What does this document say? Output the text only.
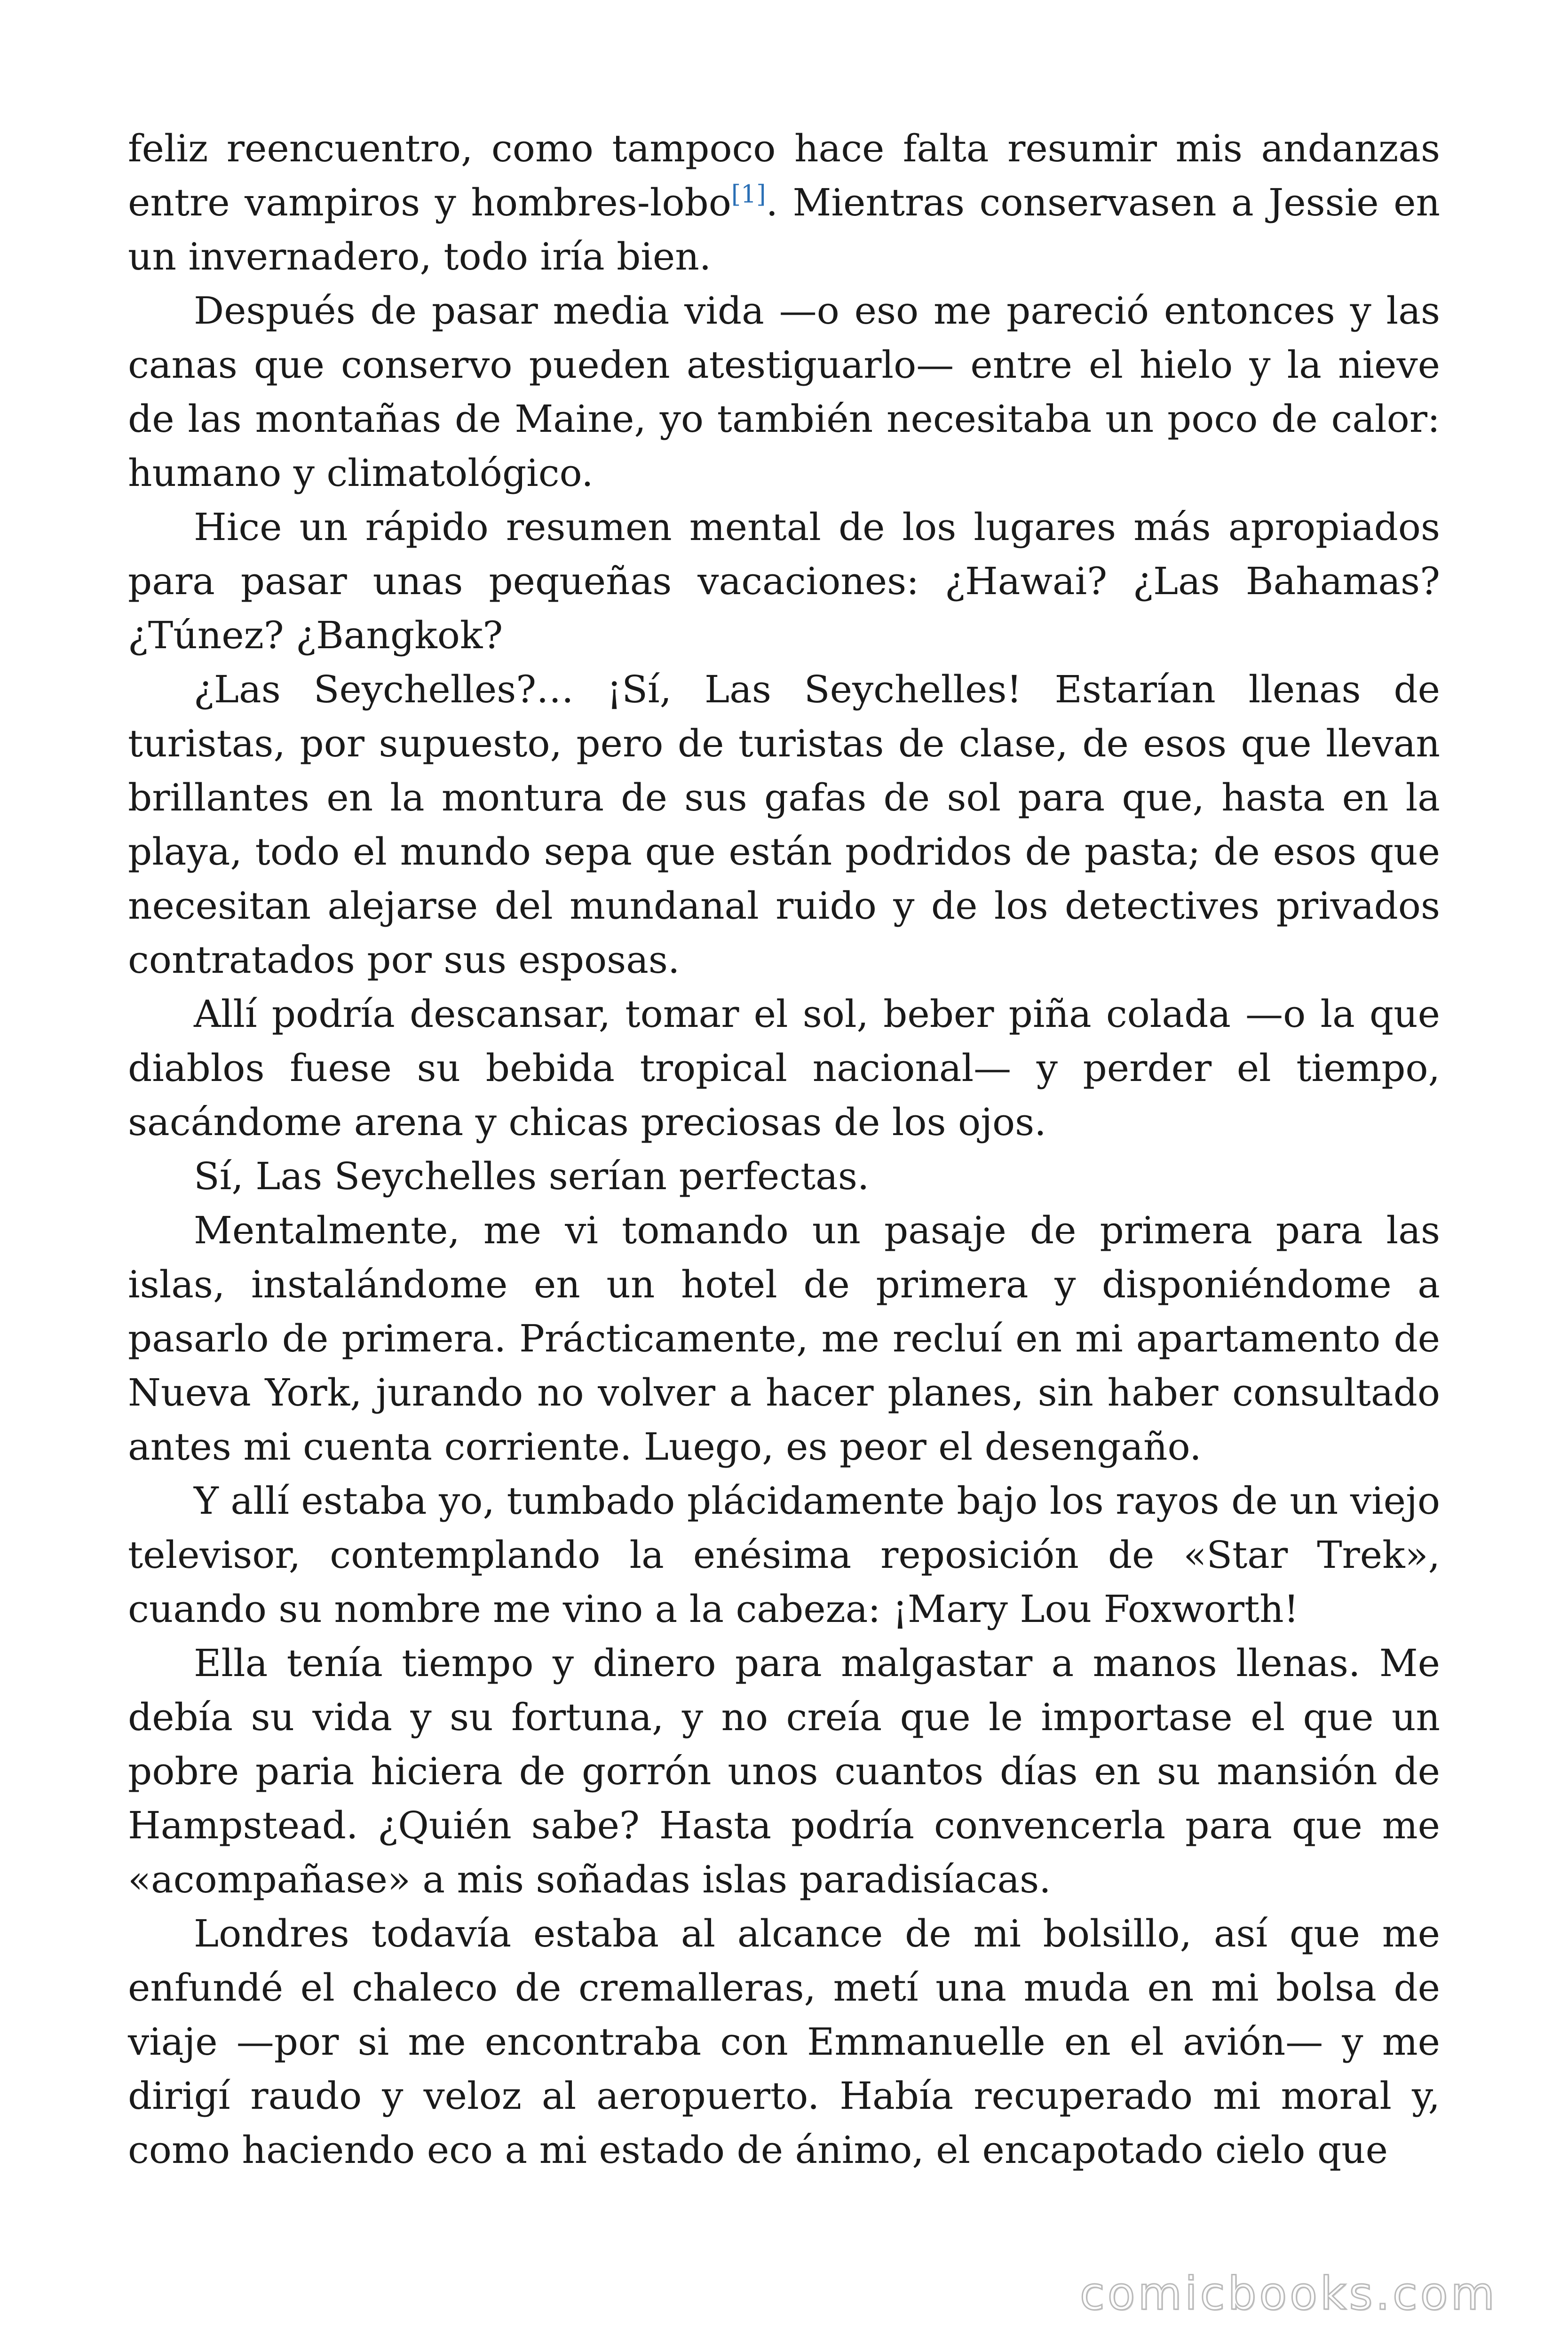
feliz reencuentro, como tampoco hace falta resumir mis andanzas entre vampiros y hombres-lobo[1]. Mientras conservasen a Jessie en un invernadero, todo iría bien.

Después de pasar media vida —o eso me pareció entonces y las canas que conservo pueden atestiguarlo— entre el hielo y la nieve de las montañas de Maine, yo también necesitaba un poco de calor: humano y climatológico.

Hice un rápido resumen mental de los lugares más apropiados para pasar unas pequeñas vacaciones: ¿Hawai? ¿Las Bahamas? ¿Túnez? ¿Bangkok?

¿Las Seychelles?… ¡Sí, Las Seychelles! Estarían llenas de turistas, por supuesto, pero de turistas de clase, de esos que llevan brillantes en la montura de sus gafas de sol para que, hasta en la playa, todo el mundo sepa que están podridos de pasta; de esos que necesitan alejarse del mundanal ruido y de los detectives privados contratados por sus esposas.

Allí podría descansar, tomar el sol, beber piña colada —o la que diablos fuese su bebida tropical nacional— y perder el tiempo, sacándome arena y chicas preciosas de los ojos.

Sí, Las Seychelles serían perfectas.

Mentalmente, me vi tomando un pasaje de primera para las islas, instalándome en un hotel de primera y disponiéndome a pasarlo de primera. Prácticamente, me recluí en mi apartamento de Nueva York, jurando no volver a hacer planes, sin haber consultado antes mi cuenta corriente. Luego, es peor el desengaño.

Y allí estaba yo, tumbado plácidamente bajo los rayos de un viejo televisor, contemplando la enésima reposición de «Star Trek», cuando su nombre me vino a la cabeza: ¡Mary Lou Foxworth!

Ella tenía tiempo y dinero para malgastar a manos llenas. Me debía su vida y su fortuna, y no creía que le importase el que un pobre paria hiciera de gorrón unos cuantos días en su mansión de Hampstead. ¿Quién sabe? Hasta podría convencerla para que me «acompañase» a mis soñadas islas paradisíacas.

Londres todavía estaba al alcance de mi bolsillo, así que me enfundé el chaleco de cremalleras, metí una muda en mi bolsa de viaje —por si me encontraba con Emmanuelle en el avión— y me dirigí raudo y veloz al aeropuerto. Había recuperado mi moral y, como haciendo eco a mi estado de ánimo, el encapotado cielo que

comicbooks.com
